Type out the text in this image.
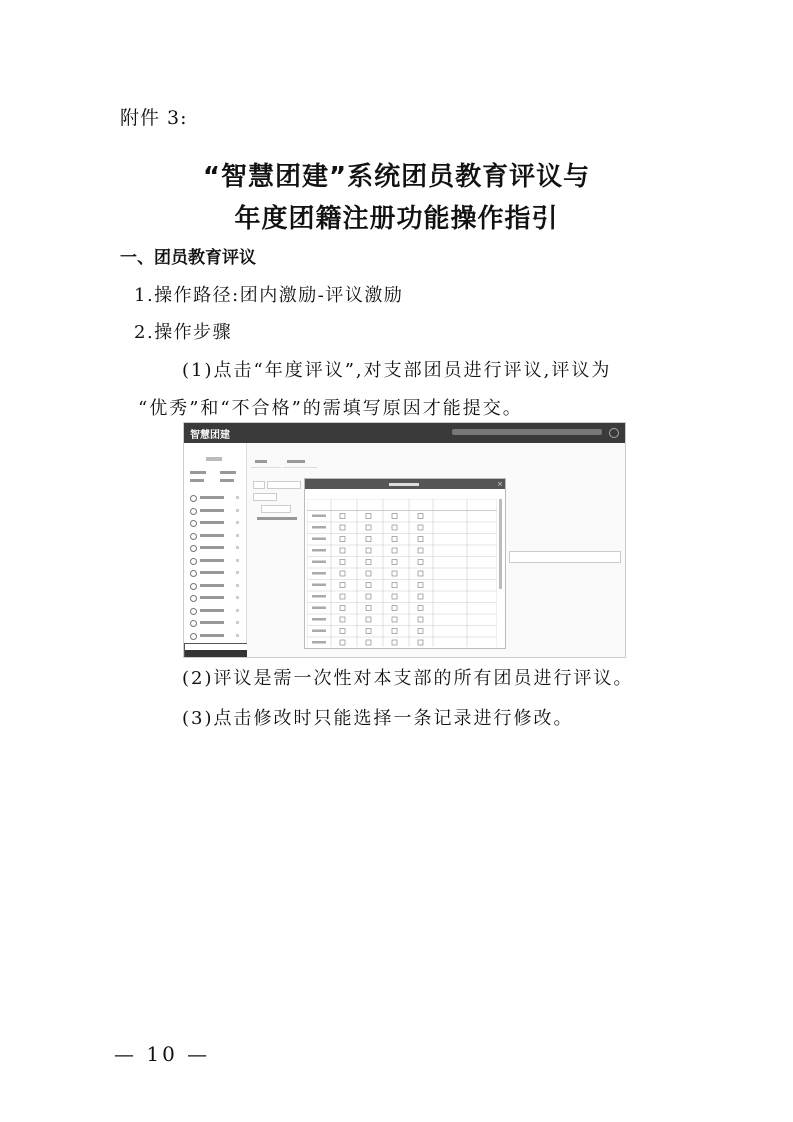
附件 3:
“智慧团建”系统团员教育评议与
年度团籍注册功能操作指引
一、团员教育评议
1.操作路径:团内激励-评议激励
2.操作步骤
(1)点击“年度评议”,对支部团员进行评议,评议为
“优秀”和“不合格”的需填写原因才能提交。
智慧团建
×
(2)评议是需一次性对本支部的所有团员进行评议。
(3)点击修改时只能选择一条记录进行修改。
— 10 —
